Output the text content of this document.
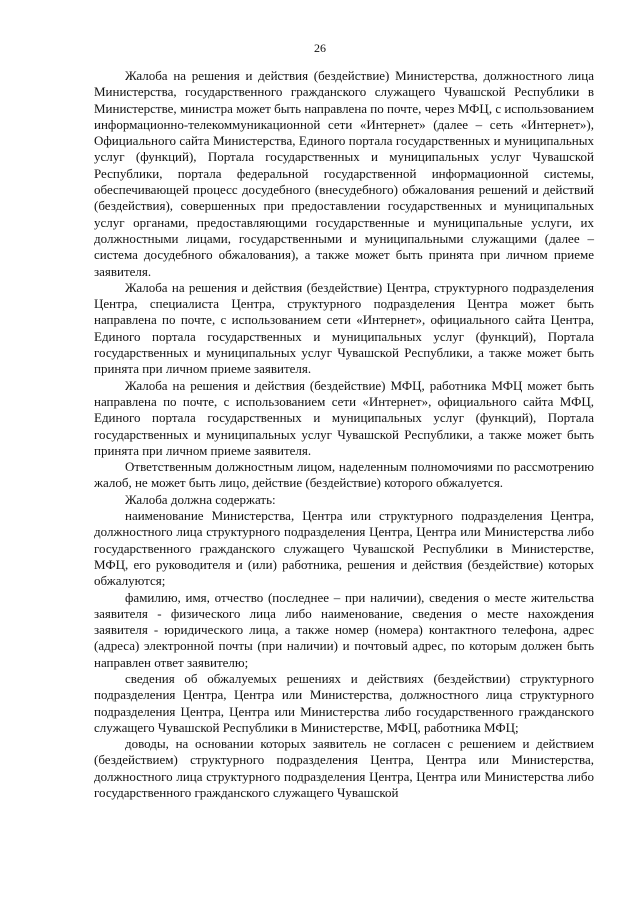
26

Жалоба на решения и действия (бездействие) Министерства, должностного лица Министерства, государственного гражданского служащего Чувашской Республики в Министерстве, министра может быть направлена по почте, через МФЦ, с использованием информационно-телекоммуникационной сети «Интернет» (далее – сеть «Интернет»), Официального сайта Министерства, Единого портала государственных и муниципальных услуг (функций), Портала государственных и муниципальных услуг Чувашской Республики, портала федеральной государственной информационной системы, обеспечивающей процесс досудебного (внесудебного) обжалования решений и действий (бездействия), совершенных при предоставлении государственных и муниципальных услуг органами, предоставляющими государственные и муниципальные услуги, их должностными лицами, государственными и муниципальными служащими (далее – система досудебного обжалования), а также может быть принята при личном приеме заявителя.

Жалоба на решения и действия (бездействие) Центра, структурного подразделения Центра, специалиста Центра, структурного подразделения Центра может быть направлена по почте, с использованием сети «Интернет», официального сайта Центра, Единого портала государственных и муниципальных услуг (функций), Портала государственных и муниципальных услуг Чувашской Республики, а также может быть принята при личном приеме заявителя.

Жалоба на решения и действия (бездействие) МФЦ, работника МФЦ может быть направлена по почте, с использованием сети «Интернет», официального сайта МФЦ, Единого портала государственных и муниципальных услуг (функций), Портала государственных и муниципальных услуг Чувашской Республики, а также может быть принята при личном приеме заявителя.

Ответственным должностным лицом, наделенным полномочиями по рассмотрению жалоб, не может быть лицо, действие (бездействие) которого обжалуется.

Жалоба должна содержать:

наименование Министерства, Центра или структурного подразделения Центра, должностного лица структурного подразделения Центра, Центра или Министерства либо государственного гражданского служащего Чувашской Республики в Министерстве, МФЦ, его руководителя и (или) работника, решения и действия (бездействие) которых обжалуются;

фамилию, имя, отчество (последнее – при наличии), сведения о месте жительства заявителя - физического лица либо наименование, сведения о месте нахождения заявителя - юридического лица, а также номер (номера) контактного телефона, адрес (адреса) электронной почты (при наличии) и почтовый адрес, по которым должен быть направлен ответ заявителю;

сведения об обжалуемых решениях и действиях (бездействии) структурного подразделения Центра, Центра или Министерства, должностного лица структурного подразделения Центра, Центра или Министерства либо государственного гражданского служащего Чувашской Республики в Министерстве, МФЦ, работника МФЦ;

доводы, на основании которых заявитель не согласен с решением и действием (бездействием) структурного подразделения Центра, Центра или Министерства, должностного лица структурного подразделения Центра, Центра или Министерства либо государственного гражданского служащего Чувашской
